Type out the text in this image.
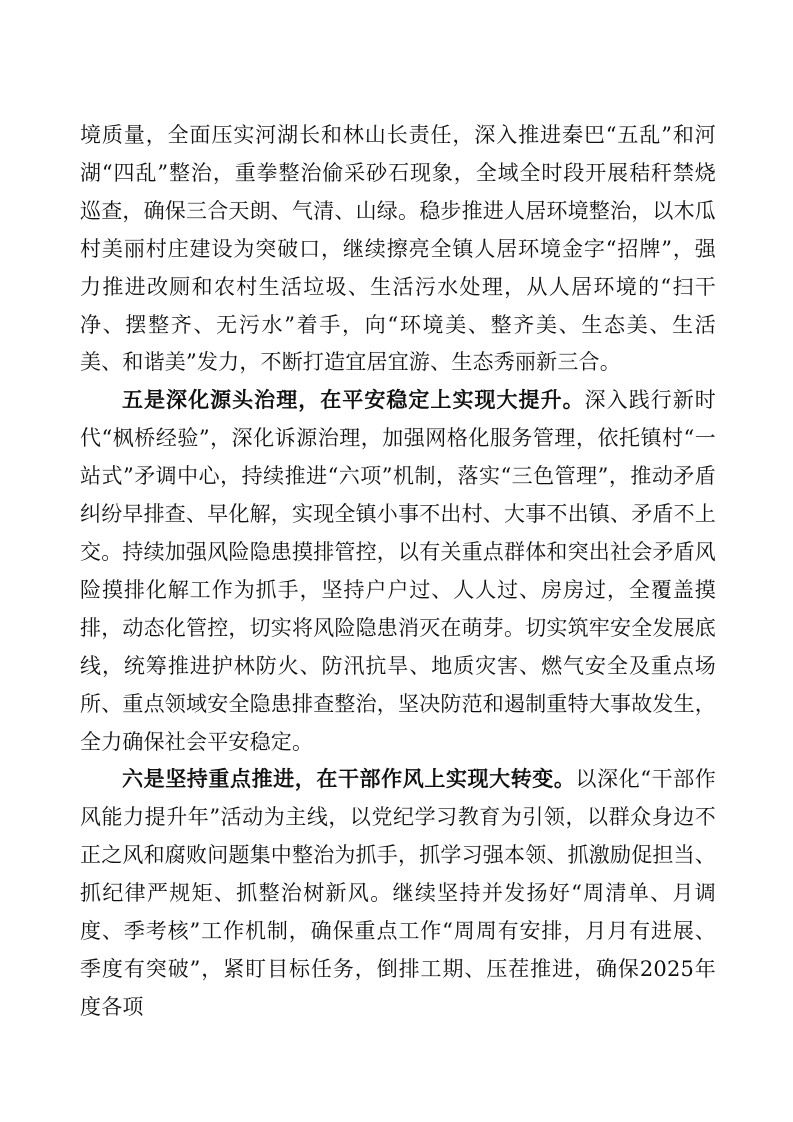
境质量，全面压实河湖长和林山长责任，深入推进秦巴“五乱”和河湖“四乱”整治，重拳整治偷采砂石现象，全域全时段开展秸秆禁烧巡查，确保三合天朗、气清、山绿。稳步推进人居环境整治，以木瓜村美丽村庄建设为突破口，继续擦亮全镇人居环境金字“招牌”，强力推进改厕和农村生活垃圾、生活污水处理，从人居环境的“扫干净、摆整齐、无污水”着手，向“环境美、整齐美、生态美、生活美、和谐美”发力，不断打造宜居宜游、生态秀丽新三合。

五是深化源头治理，在平安稳定上实现大提升。深入践行新时代“枫桥经验”，深化诉源治理，加强网格化服务管理，依托镇村“一站式”矛调中心，持续推进“六项”机制，落实“三色管理”，推动矛盾纠纷早排查、早化解，实现全镇小事不出村、大事不出镇、矛盾不上交。持续加强风险隐患摸排管控，以有关重点群体和突出社会矛盾风险摸排化解工作为抓手，坚持户户过、人人过、房房过，全覆盖摸排，动态化管控，切实将风险隐患消灭在萌芽。切实筑牢安全发展底线，统筹推进护林防火、防汛抗旱、地质灾害、燃气安全及重点场所、重点领域安全隐患排查整治，坚决防范和遏制重特大事故发生，全力确保社会平安稳定。

六是坚持重点推进，在干部作风上实现大转变。以深化“干部作风能力提升年”活动为主线，以党纪学习教育为引领，以群众身边不正之风和腐败问题集中整治为抓手，抓学习强本领、抓激励促担当、抓纪律严规矩、抓整治树新风。继续坚持并发扬好“周清单、月调度、季考核”工作机制，确保重点工作“周周有安排，月月有进展、季度有突破”，紧盯目标任务，倒排工期、压茬推进，确保2025年度各项
